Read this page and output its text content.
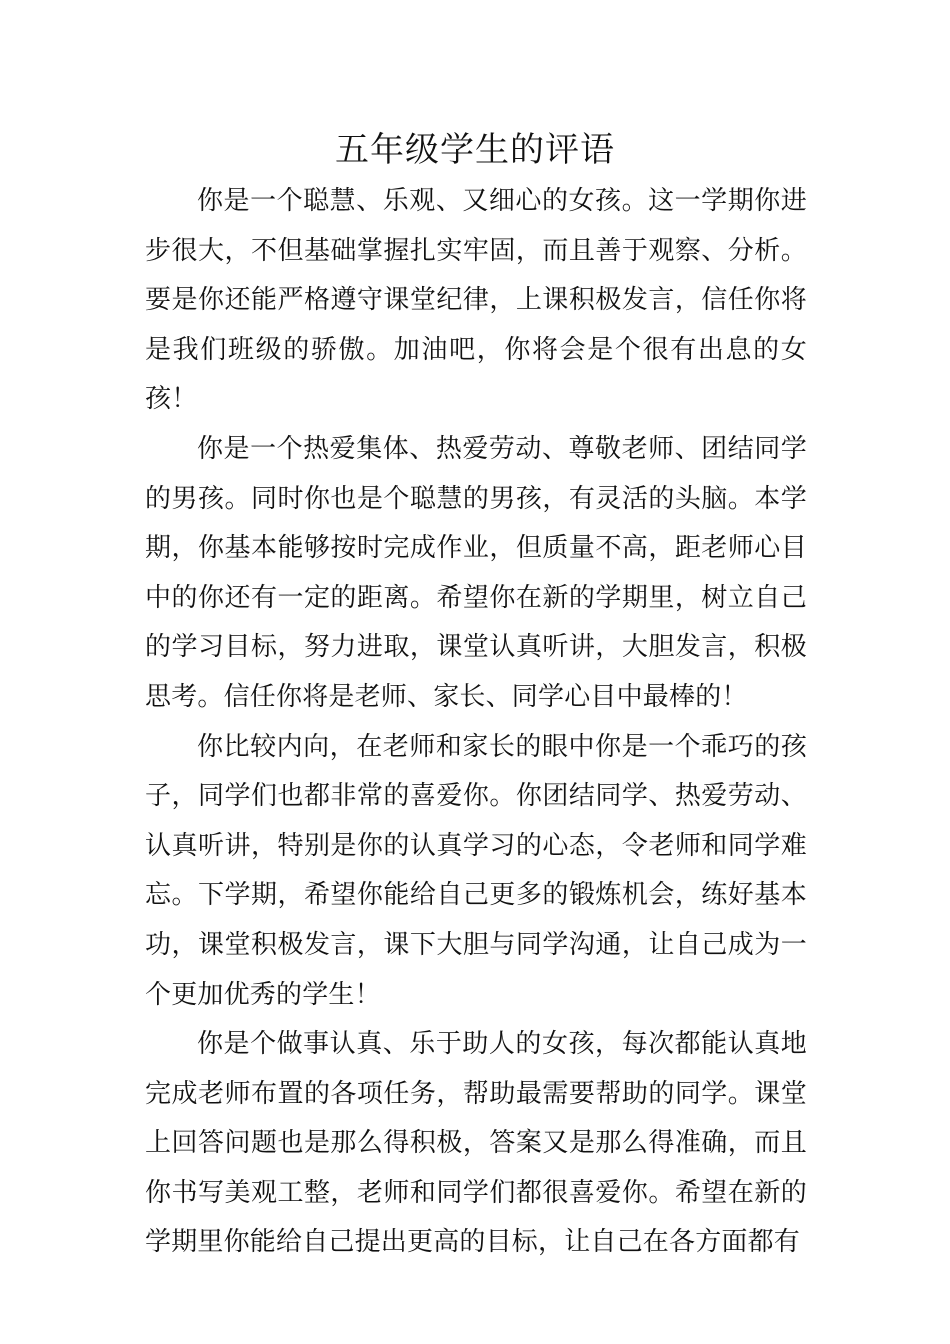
五年级学生的评语

你是一个聪慧、乐观、又细心的女孩。这一学期你进步很大，不但基础掌握扎实牢固，而且善于观察、分析。要是你还能严格遵守课堂纪律，上课积极发言，信任你将是我们班级的骄傲。加油吧，你将会是个很有出息的女孩！

你是一个热爱集体、热爱劳动、尊敬老师、团结同学的男孩。同时你也是个聪慧的男孩，有灵活的头脑。本学期，你基本能够按时完成作业，但质量不高，距老师心目中的你还有一定的距离。希望你在新的学期里，树立自己的学习目标，努力进取，课堂认真听讲，大胆发言，积极思考。信任你将是老师、家长、同学心目中最棒的！

你比较内向，在老师和家长的眼中你是一个乖巧的孩子，同学们也都非常的喜爱你。你团结同学、热爱劳动、认真听讲，特别是你的认真学习的心态，令老师和同学难忘。下学期，希望你能给自己更多的锻炼机会，练好基本功，课堂积极发言，课下大胆与同学沟通，让自己成为一个更加优秀的学生！

你是个做事认真、乐于助人的女孩，每次都能认真地完成老师布置的各项任务，帮助最需要帮助的同学。课堂上回答问题也是那么得积极，答案又是那么得准确，而且你书写美观工整，老师和同学们都很喜爱你。希望在新的学期里你能给自己提出更高的目标，让自己在各方面都有
